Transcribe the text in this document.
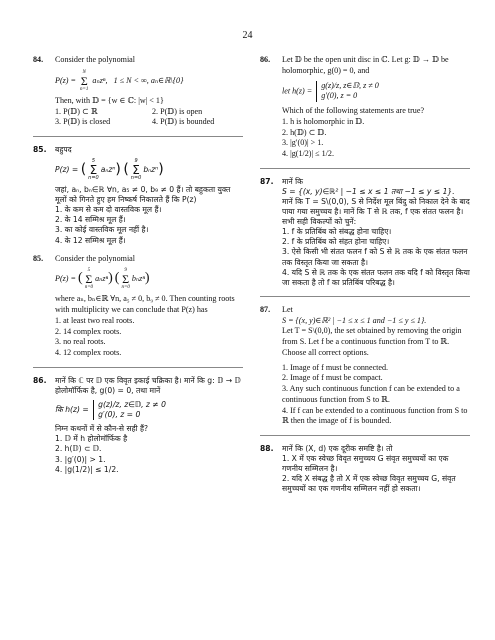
24
84.	Consider the polynomial
P(z) =
N
Σ
n=1
aₙzⁿ, 1 ≤ N < ∞, aₙ∈ℝ\{0}
Then, with 𝔻 = {w ∈ ℂ: |w| < 1}
1. P(𝔻) ⊂ ℝ	2. P(𝔻) is open
3. P(𝔻) is closed	4. P(𝔻) is bounded
85.	बहुपद
P(z) = (
5
Σ
n=0
aₙzⁿ) (
9
Σ
n=0
bₙzⁿ)
जहां, aₙ, bₙ∈ℝ ∀n, a₅ ≠ 0, b₉ ≠ 0 हैं। तो बहुकता युक्त मूलों को गिनते हुए हम निष्कर्ष निकालते हैं कि P(z)
1. के कम से कम दो वास्तविक मूल हैं।
2. के 14 सम्मिश्र मूल हैं।
3. का कोई वास्तविक मूल नहीं है।
4. के 12 सम्मिश्र मूल हैं।
85.	Consider the polynomial
P(z) = (
5
Σ
n=0
aₙzⁿ) (
9
Σ
n=0
bₙzⁿ)
where aₙ, bₙ∈ℝ ∀n, a₅ ≠ 0, b₉ ≠ 0. Then counting roots with multiplicity we can conclude that P(z) has
1. at least two real roots.
2. 14 complex roots.
3. no real roots.
4. 12 complex roots.
86.	मानें कि ℂ पर 𝔻 एक विवृत इकाई चक्रिका है। मानें कि g: 𝔻 → 𝔻 होलोमॉर्फिक है, g(0) = 0, तथा मानें
कि h(z) =
g(z)/z, z∈𝔻, z ≠ 0
g′(0), z = 0
निम्न कथनों में से कौन-से सही हैं?
1. 𝔻 में h होलोमॉर्फिक है
2. h(𝔻) ⊂ 𝔻.
3. |g′(0)| > 1.
4. |g(1/2)| ≤ 1/2.
86.	Let 𝔻 be the open unit disc in ℂ. Let g: 𝔻 → 𝔻 be holomorphic, g(0) = 0, and
let h(z) =
g(z)/z, z∈𝔻, z ≠ 0
g′(0), z = 0
Which of the following statements are true?
1. h is holomorphic in 𝔻.
2. h(𝔻) ⊂ 𝔻.
3. |g′(0)| > 1.
4. |g(1/2)| ≤ 1/2.
87.	मानें कि
S = {(x, y)∈ℝ² | −1 ≤ x ≤ 1 तथा −1 ≤ y ≤ 1}.
मानें कि T = S\(0,0), S से निर्देश मूल बिंदु को निकाल देने के बाद पाया गया समुच्चय है। मानें कि T से ℝ तक, f एक संतत फलन है। सभी सही विकल्पों को चुनें:
1. f के प्रतिबिंब को संबद्ध होना चाहिए।
2. f के प्रतिबिंब को संहत होना चाहिए।
3. ऐसे किसी भी संतत फलन f को S से ℝ तक के एक संतत फलन तक विस्तृत किया जा सकता है।
4. यदि S से ℝ तक के एक संतत फलन तक यदि f को विस्तृत किया जा सकता है तो f का प्रतिबिंब परिबद्ध है।
87.	Let
S = {(x, y)∈ℝ² | −1 ≤ x ≤ 1 and −1 ≤ y ≤ 1}.
Let T = S\(0,0), the set obtained by removing the origin from S. Let f be a continuous function from T to ℝ. Choose all correct options.
1. Image of f must be connected.
2. Image of f must be compact.
3. Any such continuous function f can be extended to a continuous function from S to ℝ.
4. If f can be extended to a continuous function from S to ℝ then the image of f is bounded.
88.	मानें कि (X, d) एक दूरीक समष्टि है। तो
1. X में एक स्वेच्छ विवृत समुच्चय G संवृत समुच्चयों का एक गणनीय सम्मिलन है।
2. यदि X संबद्ध है तो X में एक स्वेच्छ विवृत समुच्चय G, संवृत समुच्चयों का एक गणनीय सम्मिलन नहीं हो सकता।
